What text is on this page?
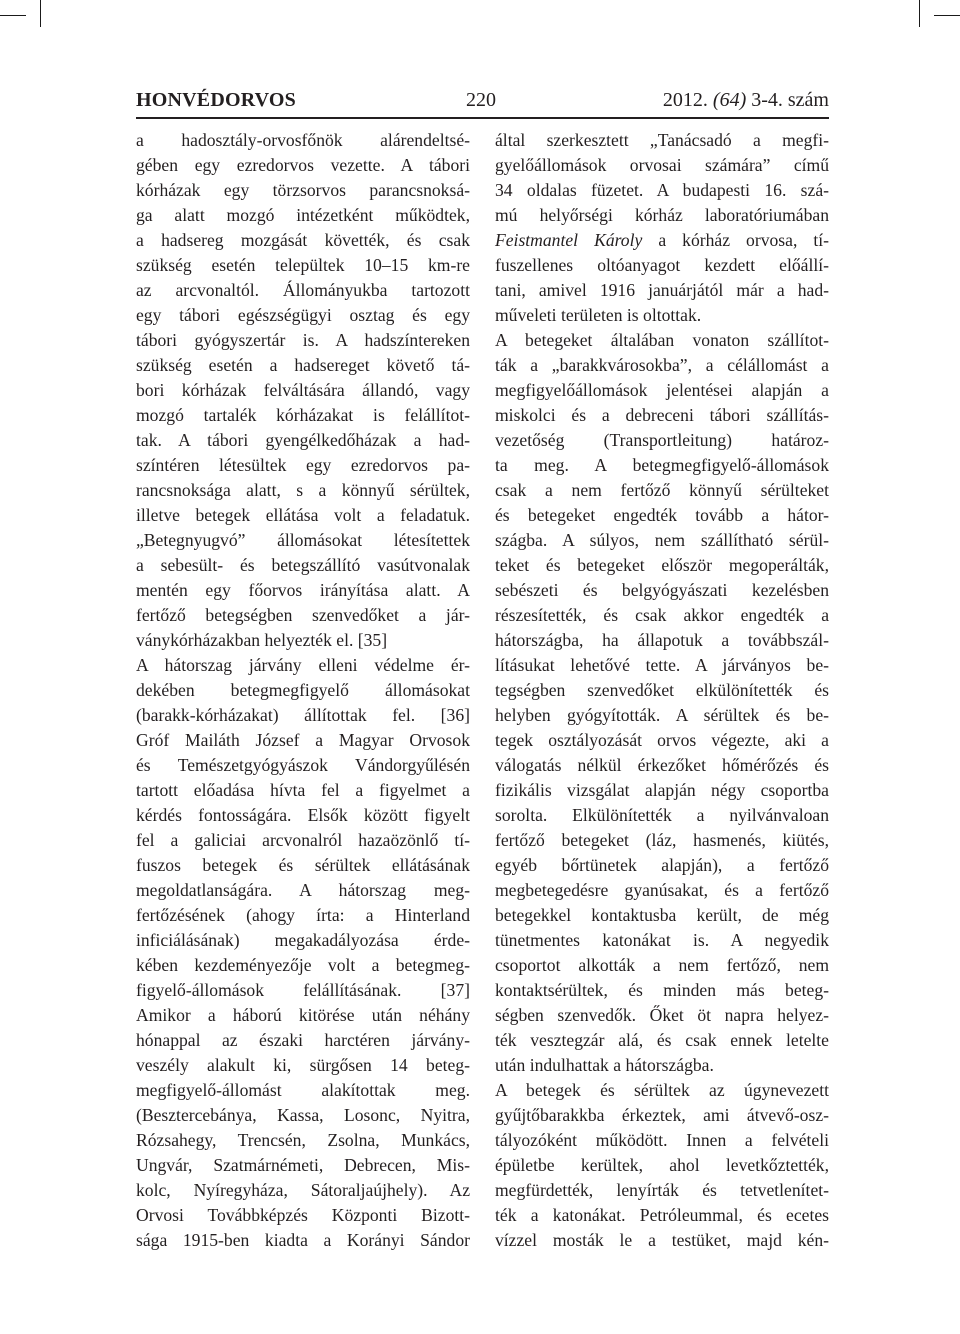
HONVÉDORVOS	220	2012. (64) 3-4. szám
a hadosztály-orvosfőnök alárendeltsé-
gében egy ezredorvos vezette. A tábori
kórházak egy törzsorvos parancsnoksá-
ga alatt mozgó intézetként működtek,
a hadsereg mozgását követték, és csak
szükség esetén települtek 10–15 km-re
az arcvonaltól. Állományukba tartozott
egy tábori egészségügyi osztag és egy
tábori gyógyszertár is. A hadszíntereken
szükség esetén a hadsereget követő tá-
bori kórházak felváltására állandó, vagy
mozgó tartalék kórházakat is felállítot-
tak. A tábori gyengélkedőházak a had-
színtéren létesültek egy ezredorvos pa-
rancsnoksága alatt, s a könnyű sérültek,
illetve betegek ellátása volt a feladatuk.
„Betegnyugvó” állomásokat létesítettek
a sebesült- és betegszállító vasútvonalak
mentén egy főorvos irányítása alatt. A
fertőző betegségben szenvedőket a jár-
ványkórházakban helyezték el. [35]
A hátorszag járvány elleni védelme ér-
dekében betegmegfigyelő állomásokat
(barakk-kórházakat) állítottak fel. [36]
Gróf Mailáth József a Magyar Orvosok
és Temészetgyógyászok Vándorgyűlésén
tartott előadása hívta fel a figyelmet a
kérdés fontosságára. Elsők között figyelt
fel a galiciai arcvonalról hazaözönlő tí-
fuszos betegek és sérültek ellátásának
megoldatlanságára. A hátorszag meg-
fertőzésének (ahogy írta: a Hinterland
inficiálásának) megakadályozása érde-
kében kezdeményezője volt a betegmeg-
figyelő-állomások felállításának. [37]
Amikor a háború kitörése után néhány
hónappal az északi harctéren járvány-
veszély alakult ki, sürgősen 14 beteg-
megfigyelő-állomást alakítottak meg.
(Besztercebánya, Kassa, Losonc, Nyitra,
Rózsahegy, Trencsén, Zsolna, Munkács,
Ungvár, Szatmárnémeti, Debrecen, Mis-
kolc, Nyíregyháza, Sátoraljaújhely). Az
Orvosi Továbbképzés Központi Bizott-
sága 1915-ben kiadta a Korányi Sándor
által szerkesztett „Tanácsadó a megfi-
gyelőállomások orvosai számára” című
34 oldalas füzetet. A budapesti 16. szá-
mú helyőrségi kórház laboratóriumában
Feistmantel Károly a kórház orvosa, tí-
fuszellenes oltóanyagot kezdett előállí-
tani, amivel 1916 januárjától már a had-
műveleti területen is oltottak.
A betegeket általában vonaton szállítot-
ták a „barakkvárosokba”, a célállomást a
megfigyelőállomások jelentései alapján a
miskolci és a debreceni tábori szállítás-
vezetőség (Transportleitung) határoz-
ta meg. A betegmegfigyelő-állomások
csak a nem fertőző könnyű sérülteket
és betegeket engedték tovább a hátor-
szágba. A súlyos, nem szállítható sérül-
teket és betegeket először megoperálták,
sebészeti és belgyógyászati kezelésben
részesítették, és csak akkor engedték a
hátországba, ha állapotuk a továbbszál-
lításukat lehetővé tette. A járványos be-
tegségben szenvedőket elkülönítették és
helyben gyógyították. A sérültek és be-
tegek osztályozását orvos végezte, aki a
válogatás nélkül érkezőket hőmérőzés és
fizikális vizsgálat alapján négy csoportba
sorolta. Elkülönítették a nyilvánvaloan
fertőző betegeket (láz, hasmenés, kiütés,
egyéb bőrtünetek alapján), a fertőző
megbetegedésre gyanúsakat, és a fertőző
betegekkel kontaktusba került, de még
tünetmentes katonákat is. A negyedik
csoportot alkották a nem fertőző, nem
kontaktsérültek, és minden más beteg-
ségben szenvedők. Őket öt napra helyez-
ték vesztegzár alá, és csak ennek letelte
után indulhattak a hátországba.
A betegek és sérültek az úgynevezett
gyűjtőbarakkba érkeztek, ami átvevő-osz-
tályozóként működött. Innen a felvételi
épületbe kerültek, ahol levetkőztették,
megfürdették, lenyírták és tetvetlenítet-
ték a katonákat. Petróleummal, és ecetes
vízzel mosták le a testüket, majd kén-
